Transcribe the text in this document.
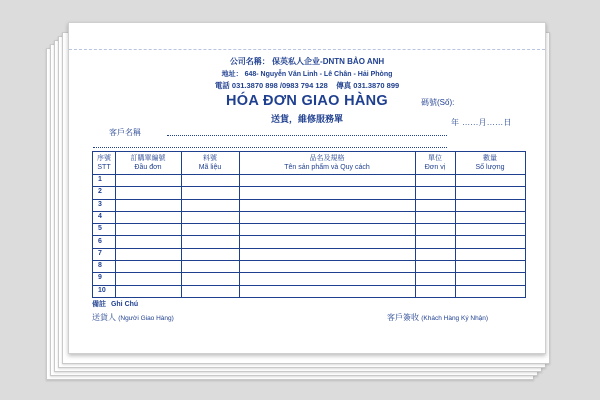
公司名稱： 保英私人企业-DNTN BẢO ANH
地址： 648- Nguyễn Văn Linh - Lê Chân - Hải Phòng
電話 031.3870 898 /0983 794 128 傳真 031.3870 899
HÓA ĐƠN GIAO HÀNG
送貨，維修服務單
碼號(Số):
年 ......月......日
客戶名稱
序號
STT
訂購單編號
Đầu đơn
料號
Mã liệu
品名及規格
Tên sản phẩm và Quy cách
單位
Đơn vị
數量
Số lượng
1
2
3
4
5
6
7
8
9
10
備註 Ghi Chú
送貨人 (Người Giao Hàng)	客戶簽收 (Khách Hàng Ký Nhận)
